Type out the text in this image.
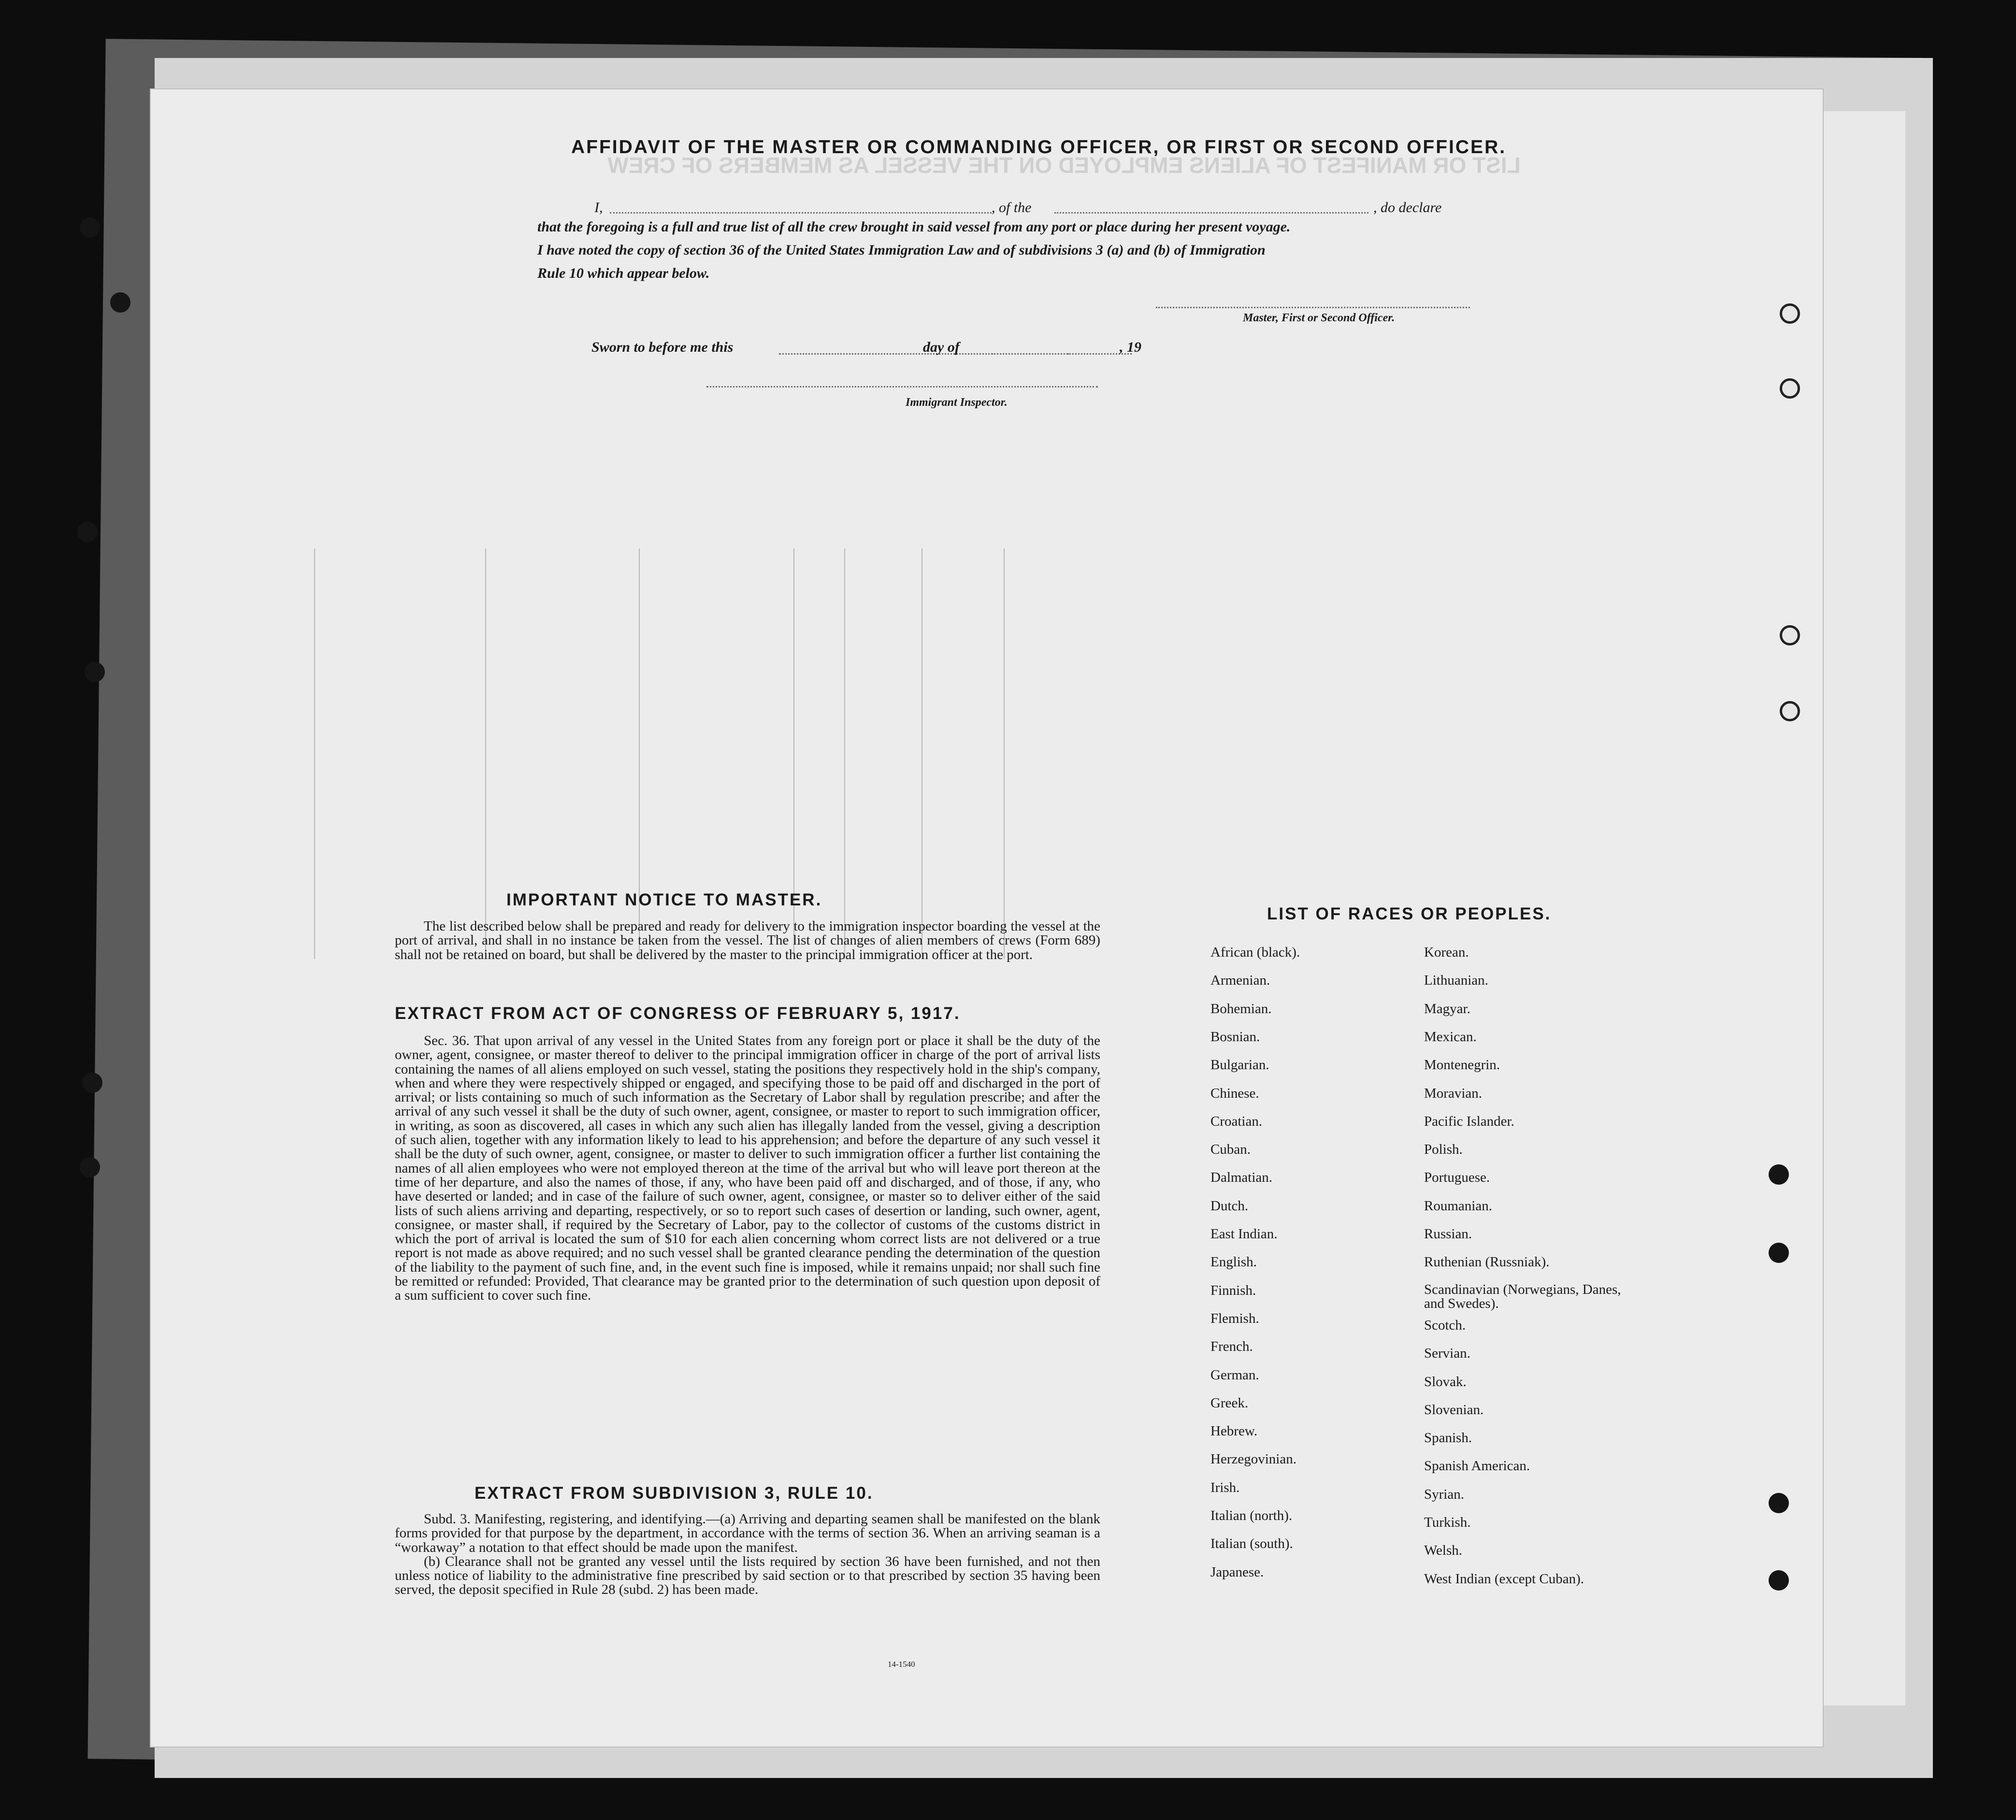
LIST OR MANIFEST OF ALIENS EMPLOYED ON THE VESSEL AS MEMBERS OF CREW
AFFIDAVIT OF THE MASTER OR COMMANDING OFFICER, OR FIRST OR SECOND OFFICER.
I,	, of the	, do declare
that the foregoing is a full and true list of all the crew brought in said vessel from any port or place during her present voyage.
I have noted the copy of section 36 of the United States Immigration Law and of subdivisions 3 (a) and (b) of Immigration
Rule 10 which appear below.
Master, First or Second Officer.
Sworn to before me this	day of	, 19
Immigrant Inspector.
IMPORTANT NOTICE TO MASTER.

The list described below shall be prepared and ready for delivery to the immigration inspector boarding the vessel at the port of arrival, and shall in no instance be taken from the vessel. The list of changes of alien members of crews (Form 689) shall not be retained on board, but shall be delivered by the master to the principal immigration officer at the port.

EXTRACT FROM ACT OF CONGRESS OF FEBRUARY 5, 1917.

Sec. 36. That upon arrival of any vessel in the United States from any foreign port or place it shall be the duty of the owner, agent, consignee, or master thereof to deliver to the principal immigration officer in charge of the port of arrival lists containing the names of all aliens employed on such vessel, stating the positions they respectively hold in the ship's company, when and where they were respectively shipped or engaged, and specifying those to be paid off and discharged in the port of arrival; or lists containing so much of such information as the Secretary of Labor shall by regulation prescribe; and after the arrival of any such vessel it shall be the duty of such owner, agent, consignee, or master to report to such immigration officer, in writing, as soon as discovered, all cases in which any such alien has illegally landed from the vessel, giving a description of such alien, together with any information likely to lead to his apprehension; and before the departure of any such vessel it shall be the duty of such owner, agent, consignee, or master to deliver to such immigration officer a further list containing the names of all alien employees who were not employed thereon at the time of the arrival but who will leave port thereon at the time of her departure, and also the names of those, if any, who have been paid off and discharged, and of those, if any, who have deserted or landed; and in case of the failure of such owner, agent, consignee, or master so to deliver either of the said lists of such aliens arriving and departing, respectively, or so to report such cases of desertion or landing, such owner, agent, consignee, or master shall, if required by the Secretary of Labor, pay to the collector of customs of the customs district in which the port of arrival is located the sum of $10 for each alien concerning whom correct lists are not delivered or a true report is not made as above required; and no such vessel shall be granted clearance pending the determination of the question of the liability to the payment of such fine, and, in the event such fine is imposed, while it remains unpaid; nor shall such fine be remitted or refunded: Provided, That clearance may be granted prior to the determination of such question upon deposit of a sum sufficient to cover such fine.

EXTRACT FROM SUBDIVISION 3, RULE 10.

Subd. 3. Manifesting, registering, and identifying.—(a) Arriving and departing seamen shall be manifested on the blank forms provided for that purpose by the department, in accordance with the terms of section 36. When an arriving seaman is a “workaway” a notation to that effect should be made upon the manifest.

(b) Clearance shall not be granted any vessel until the lists required by section 36 have been furnished, and not then unless notice of liability to the administrative fine prescribed by said section or to that prescribed by section 35 having been served, the deposit specified in Rule 28 (subd. 2) has been made.

14-1540
LIST OF RACES OR PEOPLES.
African (black).
Armenian.
Bohemian.
Bosnian.
Bulgarian.
Chinese.
Croatian.
Cuban.
Dalmatian.
Dutch.
East Indian.
English.
Finnish.
Flemish.
French.
German.
Greek.
Hebrew.
Herzegovinian.
Irish.
Italian (north).
Italian (south).
Japanese.
Korean.
Lithuanian.
Magyar.
Mexican.
Montenegrin.
Moravian.
Pacific Islander.
Polish.
Portuguese.
Roumanian.
Russian.
Ruthenian (Russniak).
Scandinavian (Norwegians, Danes, and Swedes).
Scotch.
Servian.
Slovak.
Slovenian.
Spanish.
Spanish American.
Syrian.
Turkish.
Welsh.
West Indian (except Cuban).
